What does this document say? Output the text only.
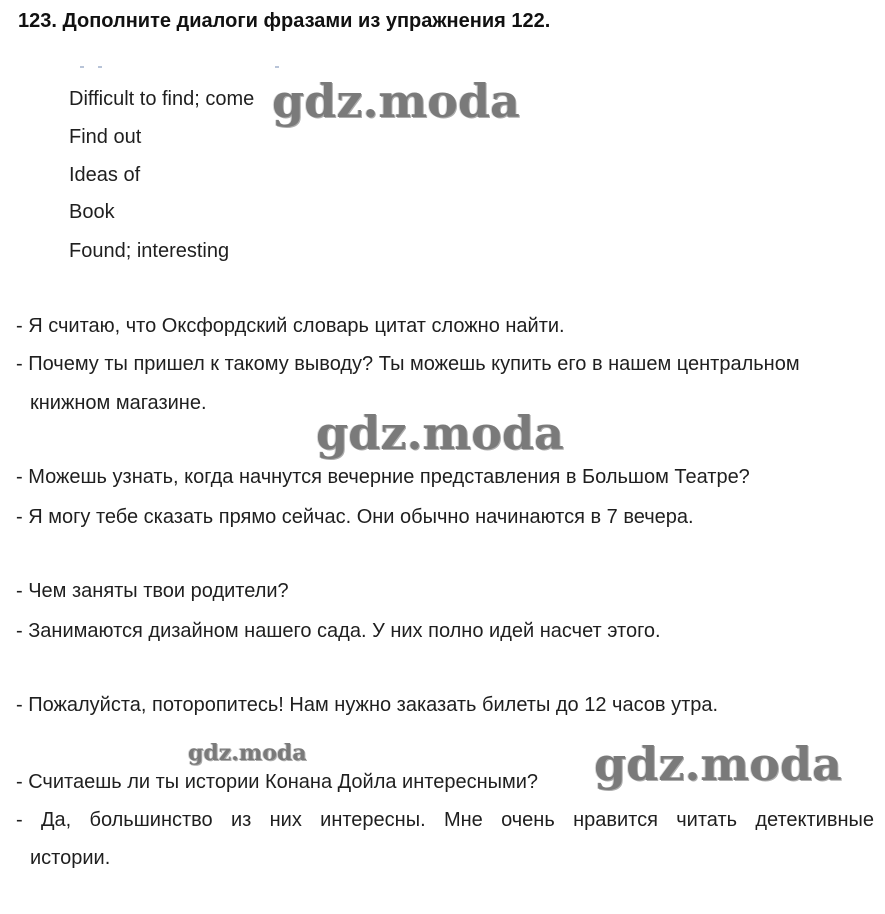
123. Дополните диалоги фразами из упражнения 122.
Difficult to find; come
Find out
Ideas of
Book
Found; interesting
- Я считаю, что Оксфордский словарь цитат сложно найти.
- Почему ты пришел к такому выводу? Ты можешь купить его в нашем центральном
книжном магазине.
- Можешь узнать, когда начнутся вечерние представления в Большом Театре?
- Я могу тебе сказать прямо сейчас. Они обычно начинаются в 7 вечера.
- Чем заняты твои родители?
- Занимаются дизайном нашего сада. У них полно идей насчет этого.
- Пожалуйста, поторопитесь! Нам нужно заказать билеты до 12 часов утра.
- Считаешь ли ты истории Конана Дойла интересными?
- Да, большинство из них интересны. Мне очень нравится читать детективные
истории.
gdz.moda
gdz.moda
gdz.moda	gdz.moda
